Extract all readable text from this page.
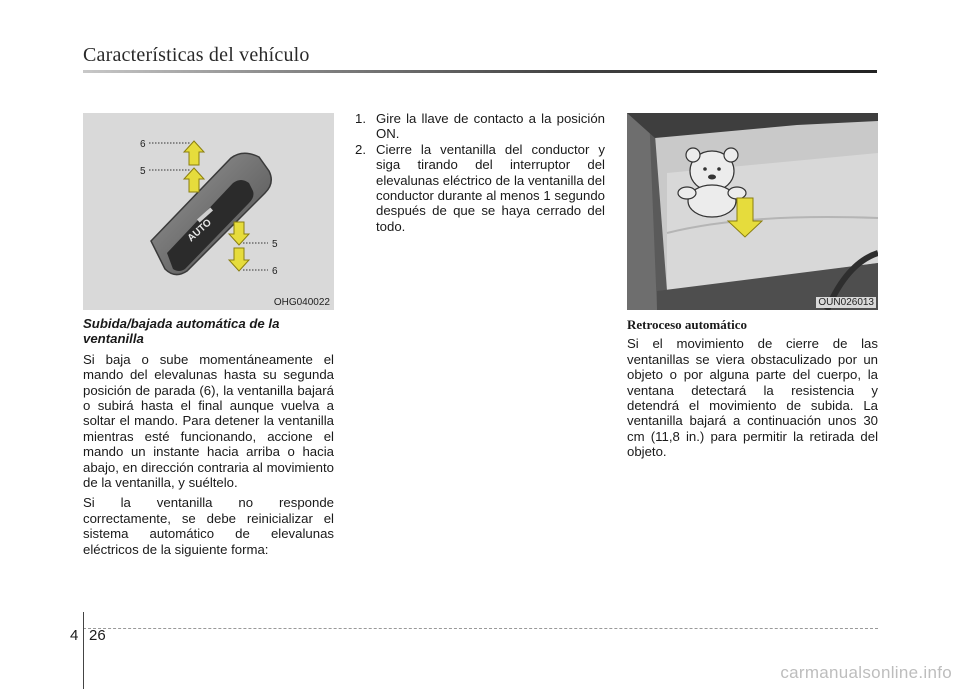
Características del vehículo
AUTO
6
5
5
6
OHG040022	OUN026013
Subida/bajada automática de la ventanilla

Si baja o sube momentáneamente el mando del elevalunas hasta su segunda posición de parada (6), la ventanilla bajará o subirá hasta el final aunque vuelva a soltar el mando. Para detener la ventanilla mientras esté funcionando, accione el mando un instante hacia arriba o hacia abajo, en dirección contraria al movimiento de la ventanilla, y suéltelo.

Si la ventanilla no responde correctamente, se debe reinicializar el sistema automático de elevalunas eléctricos de la siguiente forma:

1. Gire la llave de contacto a la posición ON.
2. Cierre la ventanilla del conductor y siga tirando del interruptor del elevalunas eléctrico de la ventanilla del conductor durante al menos 1 segundo después de que se haya cerrado del todo.
Retroceso automático

Si el movimiento de cierre de las ventanillas se viera obstaculizado por un objeto o por alguna parte del cuerpo, la ventana detectará la resistencia y detendrá el movimiento de subida. La ventanilla bajará a continuación unos 30 cm (11,8 in.) para permitir la retirada del objeto.

4 26
carmanualsonline.info
